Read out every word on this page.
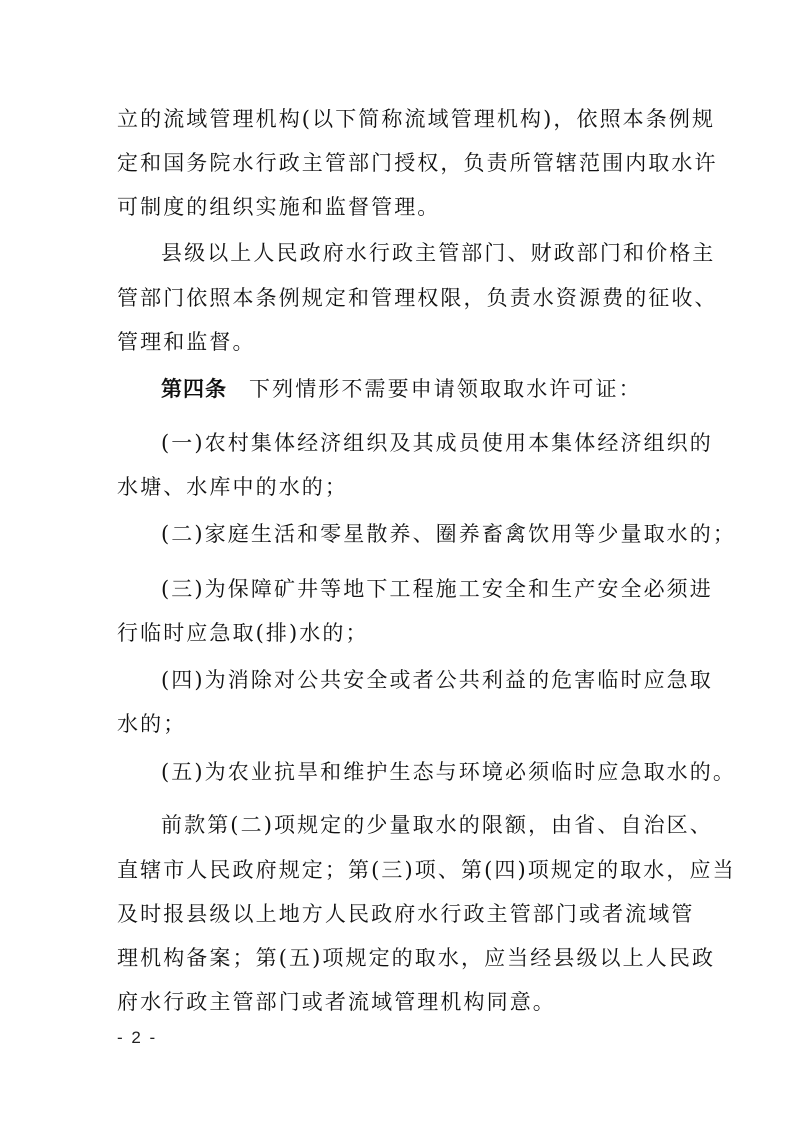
立的流域管理机构(以下简称流域管理机构)，依照本条例规
定和国务院水行政主管部门授权，负责所管辖范围内取水许
可制度的组织实施和监督管理。
县级以上人民政府水行政主管部门、财政部门和价格主
管部门依照本条例规定和管理权限，负责水资源费的征收、
管理和监督。
第四条 下列情形不需要申请领取取水许可证：
(一)农村集体经济组织及其成员使用本集体经济组织的
水塘、水库中的水的；
(二)家庭生活和零星散养、圈养畜禽饮用等少量取水的；
(三)为保障矿井等地下工程施工安全和生产安全必须进
行临时应急取(排)水的；
(四)为消除对公共安全或者公共利益的危害临时应急取
水的；
(五)为农业抗旱和维护生态与环境必须临时应急取水的。
前款第(二)项规定的少量取水的限额，由省、自治区、
直辖市人民政府规定；第(三)项、第(四)项规定的取水，应当
及时报县级以上地方人民政府水行政主管部门或者流域管
理机构备案；第(五)项规定的取水，应当经县级以上人民政
府水行政主管部门或者流域管理机构同意。
- 2 -
